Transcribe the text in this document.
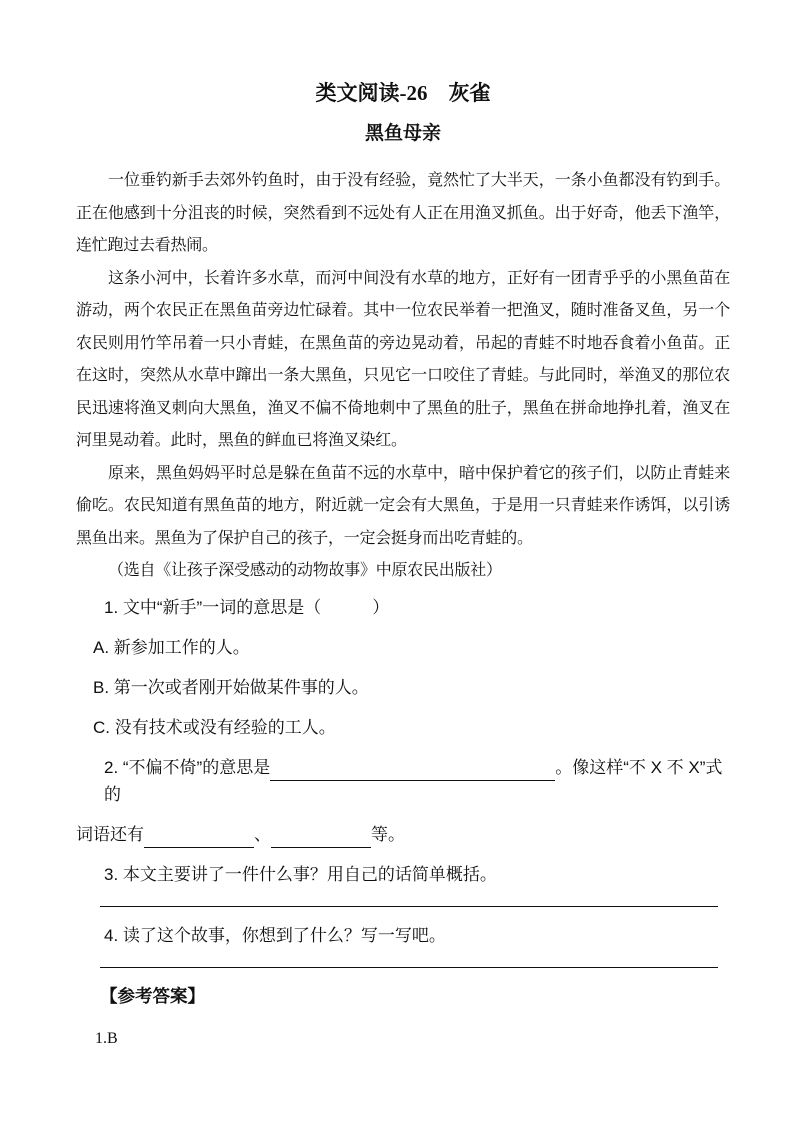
类文阅读-26　灰雀
黑鱼母亲

一位垂钓新手去郊外钓鱼时，由于没有经验，竟然忙了大半天，一条小鱼都没有钓到手。正在他感到十分沮丧的时候，突然看到不远处有人正在用渔叉抓鱼。出于好奇，他丢下渔竿，连忙跑过去看热闹。

这条小河中，长着许多水草，而河中间没有水草的地方，正好有一团青乎乎的小黑鱼苗在游动，两个农民正在黑鱼苗旁边忙碌着。其中一位农民举着一把渔叉，随时准备叉鱼，另一个农民则用竹竿吊着一只小青蛙，在黑鱼苗的旁边晃动着，吊起的青蛙不时地吞食着小鱼苗。正在这时，突然从水草中蹿出一条大黑鱼，只见它一口咬住了青蛙。与此同时，举渔叉的那位农民迅速将渔叉刺向大黑鱼，渔叉不偏不倚地刺中了黑鱼的肚子，黑鱼在拼命地挣扎着，渔叉在河里晃动着。此时，黑鱼的鲜血已将渔叉染红。

原来，黑鱼妈妈平时总是躲在鱼苗不远的水草中，暗中保护着它的孩子们，以防止青蛙来偷吃。农民知道有黑鱼苗的地方，附近就一定会有大黑鱼，于是用一只青蛙来作诱饵，以引诱黑鱼出来。黑鱼为了保护自己的孩子，一定会挺身而出吃青蛙的。

（选自《让孩子深受感动的动物故事》中原农民出版社）

1. 文中“新手”一词的意思是（　　　）

A. 新参加工作的人。

B. 第一次或者刚开始做某件事的人。

C. 没有技术或没有经验的工人。

2. “不偏不倚”的意思是	。像这样“不 X 不 X”式的

词语还有	、	等。

3. 本文主要讲了一件什么事？用自己的话简单概括。

4. 读了这个故事，你想到了什么？写一写吧。

【参考答案】

1.B
